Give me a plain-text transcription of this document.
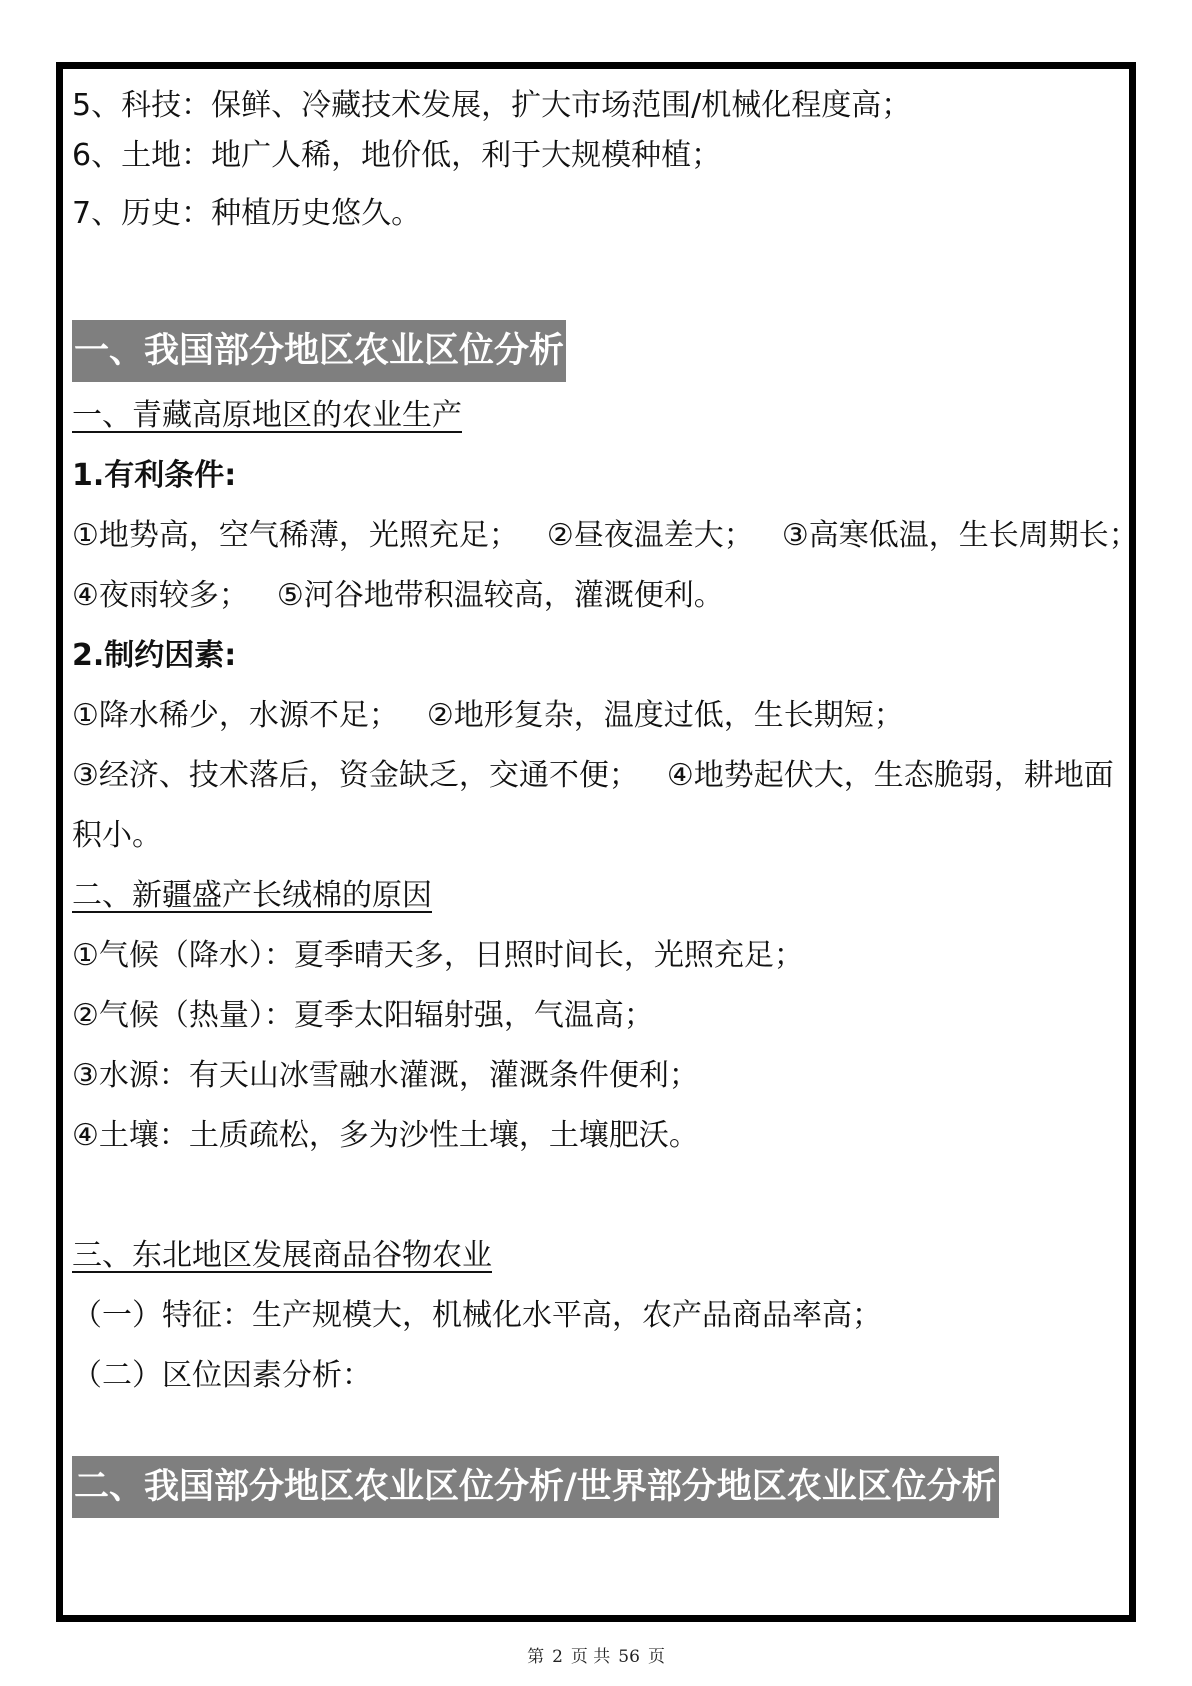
5、科技：保鲜、冷藏技术发展，扩大市场范围/机械化程度高；
6、土地：地广人稀，地价低，利于大规模种植；
7、历史：种植历史悠久。
一、我国部分地区农业区位分析
一、青藏高原地区的农业生产
1.有利条件:
①地势高，空气稀薄，光照充足； ②昼夜温差大； ③高寒低温，生长周期长；
④夜雨较多； ⑤河谷地带积温较高，灌溉便利。
2.制约因素:
①降水稀少，水源不足； ②地形复杂，温度过低，生长期短；
③经济、技术落后，资金缺乏，交通不便； ④地势起伏大，生态脆弱，耕地面
积小。
二、新疆盛产长绒棉的原因
①气候（降水）：夏季晴天多，日照时间长，光照充足；
②气候（热量）：夏季太阳辐射强，气温高；
③水源：有天山冰雪融水灌溉，灌溉条件便利；
④土壤：土质疏松，多为沙性土壤，土壤肥沃。
三、东北地区发展商品谷物农业
（一）特征：生产规模大，机械化水平高，农产品商品率高；
（二）区位因素分析：
二、我国部分地区农业区位分析/世界部分地区农业区位分析
第 2 页 共 56 页
